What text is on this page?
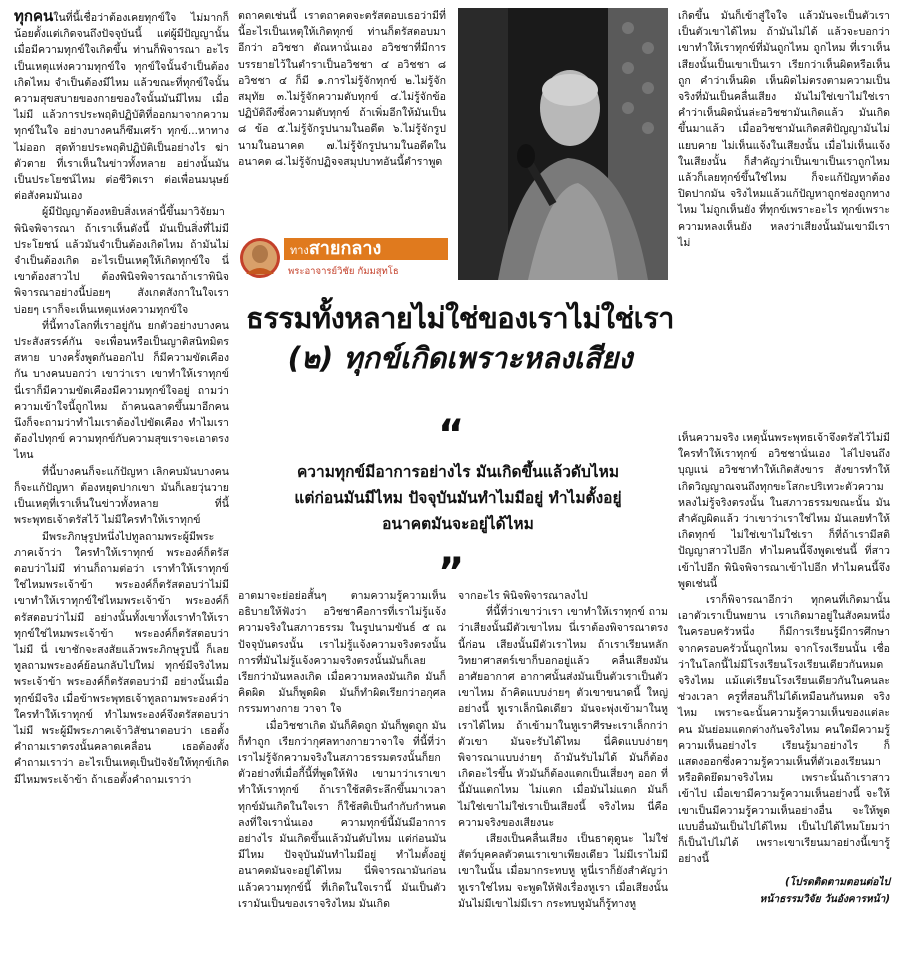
ทุกคนในที่นี้เชื่อว่าต้องเคยทุกข์ใจ ไม่มากก็น้อยตั้งแต่เกิดจนถึงปัจจุบันนี้ แต่ผู้มีปัญญานั้นเมื่อมีความทุกข์ใจเกิดขึ้น ท่านก็พิจารณา อะไรเป็นเหตุแห่งความทุกข์ใจ ทุกข์ใจนั้นจำเป็นต้องเกิดไหม จำเป็นต้องมีไหม แล้วขณะที่ทุกข์ใจนั้น ความสุขสบายของกายของใจนั้นมันมีไหม เมื่อไม่มี แล้วการประพฤติปฏิบัติที่ออกมาจากความทุกข์ในใจ อย่างบางคนก็ซึมเศร้า ทุกข์...หาทางไม่ออก สุดท้ายประพฤติปฏิบัติเป็นอย่างไร ฆ่าตัวตาย ที่เราเห็นในข่าวทั้งหลาย อย่างนั้นมันเป็นประโยชน์ไหม ต่อชีวิตเรา ต่อเพื่อนมนุษย์ ต่อสังคมมันเอง

ผู้มีปัญญาต้องหยิบสิ่งเหล่านี้ขึ้นมาวิจัยมาพินิจพิจารณา ถ้าเราเห็นดังนี้ มันเป็นสิ่งที่ไม่มีประโยชน์ แล้วมันจำเป็นต้องเกิดไหม ถ้ามันไม่จำเป็นต้องเกิด อะไรเป็นเหตุให้เกิดทุกข์ใจ นี่เขาต้องสาวไป ต้องพินิจพิจารณาถ้าเราพินิจพิจารณาอย่างนี้บ่อยๆ สังเกตสังกาในใจเราบ่อยๆ เราก็จะเห็นเหตุแห่งความทุกข์ใจ

ที่นี้ทางโลกที่เราอยู่กัน ยกตัวอย่างบางคนประสังสรรค์กัน จะเพื่อนหรือเป็นญาติสนิทมิตรสหาย บางครั้งพูดกันออกไป ก็มีความขัดเคืองกัน บางคนบอกว่า เขาว่าเรา เขาทำให้เราทุกข์ นี่เราก็มีความขัดเคืองมีความทุกข์ใจอยู่ ถามว่าความเข้าใจนี้ถูกไหม ถ้าคนฉลาดขึ้นมาอีกคนนึงก็จะถามว่าทำไมเราต้องไปขัดเคือง ทำไมเราต้องไปทุกข์ ความทุกข์กับความสุขเราจะเอาตรงไหน

ที่นี้บางคนก็จะแก้ปัญหา เลิกคบมันบางคนก็จะแก้ปัญหา ต้องหยุดปากเขา มันก็เลยวุ่นวาย เป็นเหตุที่เราเห็นในข่าวทั้งหลาย ที่นี้พระพุทธเจ้าตรัสไว้ ไม่มีใครทำให้เราทุกข์

มีพระภิกษุรูปหนึ่งไปทูลถามพระผู้มีพระภาคเจ้าว่า ใครทำให้เราทุกข์ พระองค์ก็ตรัสตอบว่าไม่มี ท่านก็ถามต่อว่า เราทำให้เราทุกข์ใช่ไหมพระเจ้าข้า พระองค์ก็ตรัสตอบว่าไม่มี เขาทำให้เราทุกข์ใช่ไหมพระเจ้าข้า พระองค์ก็ตรัสตอบว่าไม่มี อย่างนั้นทั้งเขาทั้งเราทำให้เราทุกข์ใช่ไหมพระเจ้าข้า พระองค์ก็ตรัสตอบว่าไม่มี นี่ เขาชักจะสงสัยแล้วพระภิกษุรูปนี้ ก็เลยทูลถามพระองค์ย้อนกลับไปใหม่ ทุกข์มีจริงไหมพระเจ้าข้า พระองค์ก็ตรัสตอบว่ามี อย่างนั้นเมื่อทุกข์มีจริง เมื่อข้าพระพุทธเจ้าทูลถามพระองค์ว่า ใครทำให้เราทุกข์ ทำไมพระองค์จึงตรัสตอบว่าไม่มี พระผู้มีพระภาคเจ้าวิสัชนาตอบว่า เธอตั้งคำถามเราตรงนั้นคลาดเคลื่อน เธอต้องตั้งคำถามเราว่า อะไรเป็นเหตุเป็นปัจจัยให้ทุกข์เกิด มีไหมพระเจ้าข้า ถ้าเธอตั้งคำถามเราว่า

ตถาคตเช่นนี้ เราตถาคตจะตรัสตอบเธอว่ามีที่นี้อะไรเป็นเหตุให้เกิดทุกข์ ท่านก็ตรัสตอบมาอีกว่า อวิชชา ตัณหานั่นเอง อวิชชาที่มีการบรรยายไว้ในตำราเป็นอวิชชา ๔ อวิชชา ๘ อวิชชา ๔ ก็มี ๑.การไม่รู้จักทุกข์ ๒.ไม่รู้จักสมุทัย ๓.ไม่รู้จักความดับทุกข์ ๔.ไม่รู้จักข้อปฏิบัติถึงซึ่งความดับทุกข์ ถ้าเพิ่มอีกให้มันเป็น ๘ ข้อ ๕.ไม่รู้จักรูปนามในอดีต ๖.ไม่รู้จักรูปนามในอนาคต ๗.ไม่รู้จักรูปนามในอดีตในอนาคต ๘.ไม่รู้จักปฏิจจสมุปบาทอันนี้ตำราพูด

ทางสายกลาง
พระอาจารย์วิชัย กัมมสุทโธ
ธรรมทั้งหลายไม่ใช่ของเราไม่ใช่เรา
(๒) ทุกข์เกิดเพราะหลงเสียง
“
ความทุกข์มีอาการอย่างไร มันเกิดขึ้นแล้วดับไหม
แต่ก่อนมันมีไหม ปัจจุบันมันทำไมมีอยู่ ทำไมตั้งอยู่
อนาคตมันจะอยู่ได้ไหม
”

เกิดขึ้น มันก็เข้าสู่ใจใจ แล้วมันจะเป็นตัวเราเป็นตัวเขาได้ไหม ถ้ามันไม่ได้ แล้วจะบอกว่าเขาทำให้เราทุกข์ที่มันถูกไหม ถูกไหม ที่เราเห็นเสียงนั้นเป็นเขาเป็นเรา เรียกว่าเห็นผิดหรือเห็นถูก คำว่าเห็นผิด เห็นผิดไม่ตรงตามความเป็นจริงที่มันเป็นคลื่นเสียง มันไม่ใช่เขาไม่ใช่เรา คำว่าเห็นผิดนั่นล่ะอวิชชามันเกิดแล้ว มันเกิดขึ้นมาแล้ว เมื่ออวิชชามันเกิดสติปัญญามันไม่แยบคาย ไม่เห็นแจ้งในเสียงนั้น เมื่อไม่เห็นแจ้งในเสียงนั้น ก็สำคัญว่าเป็นเขาเป็นเราถูกไหม แล้วก็เลยทุกข์ขึ้นใช่ไหม ก็จะแก้ปัญหาต้องปิดปากมัน จริงไหมแล้วแก้ปัญหาถูกช่องถูกทางไหม ไม่ถูกเห็นยัง ที่ทุกข์เพราะอะไร ทุกข์เพราะความหลงเห็นยัง หลงว่าเสียงนั้นมันเขามีเรา ไม่

เห็นความจริง เหตุนั้นพระพุทธเจ้าจึงตรัสไว้ไม่มีใครทำให้เราทุกข์ อวิชชานั่นเอง ไล่ไปจนถึงบุญแน่ อวิชชาทำให้เกิดสังขาร สังขารทำให้เกิดวิญญาณจนถึงทุกขะโสกะปริเทวะตัวความหลงไม่รู้จริงตรงนั้น ในสภาวธรรมขณะนั้น มันสำคัญผิดแล้ว ว่าเขาว่าเราใช่ไหม มันเลยทำให้เกิดทุกข์ ไม่ใช่เขาไม่ใช่เรา ก็ที่ถ้าเรามีสติปัญญาสาวไปอีก ทำไมคนนี้จึงพูดเช่นนี้ ที่สาวเข้าไปอีก พินิจพิจารณาเข้าไปอีก ทำไมคนนี้จึงพูดเช่นนี้

เราก็พิจารณาอีกว่า ทุกคนที่เกิดมานั้น เอาตัวเราเป็นพยาน เราเกิดมาอยู่ในสังคมหนึ่งในครอบครัวหนึ่ง ก็มีการเรียนรู้มีการศึกษา จากครอบครัวนั้นถูกไหม จากโรงเรียนนั้น เชื่อว่าในโลกนี้ไม่มีโรงเรียนโรงเรียนเดียวกันหมด จริงไหม แม้แต่เรียนโรงเรียนเดียวกันในคนละช่วงเวลา ครูที่สอนก็ไม่ได้เหมือนกันหมด จริงไหม เพราะฉะนั้นความรู้ความเห็นของแต่ละคน มันย่อมแตกต่างกันจริงไหม คนใดมีความรู้ความเห็นอย่างไร เรียนรู้มาอย่างไร ก็แสดงออกซึ่งความรู้ความเห็นที่ตัวเองเรียนมา หรือติดยึดมาจริงไหม เพราะนั้นถ้าเราสาวเข้าไป เมื่อเขามีความรู้ความเห็นอย่างนี้ จะให้เขาเป็นมีความรู้ความเห็นอย่างอื่น จะให้พูดแบบอื่นมันเป็นไปได้ไหม เป็นไปได้ไหมโยมว่า ก็เป็นไปไม่ได้ เพราะเขาเรียนมาอย่างนี้เขารู้อย่างนี้

(โปรดติดตามตอนต่อไป
หน้าธรรมวิจัย วันอังคารหน้า)

อาตมาจะย่อย่อสั้นๆ ตามความรู้ความเห็นอธิบายให้ฟังว่า อวิชชาคือการที่เราไม่รู้แจ้งความจริงในสภาวธรรม ในรูปนามขันธ์ ๕ ณ ปัจจุบันตรงนั้น เราไม่รู้แจ้งความจริงตรงนั้น การที่มันไม่รู้แจ้งความจริงตรงนั้นมันก็เลยเรียกว่ามันหลงเกิด เมื่อความหลงมันเกิด มันก็คิดผิด มันก็พูดผิด มันก็ทำผิดเรียกว่าอกุศลกรรมทางกาย วาจา ใจ

เมื่อวิชชาเกิด มันก็คิดถูก มันก็พูดถูก มันก็ทำถูก เรียกว่ากุศลทางกายวาจาใจ ที่นี้ที่ว่าเราไม่รู้จักความจริงในสภาวธรรมตรงนั้นก็ยกตัวอย่างที่เมื่อกี้นี้ที่พูดให้ฟัง เขามาว่าเราเขาทำให้เราทุกข์ ถ้าเราใช้สติระลึกขึ้นมาเวลาทุกข์มันเกิดในใจเรา ก็ใช้สติเป็นกำกับกำหนดลงที่ใจเรานั่นเอง ความทุกข์นี้มันมีอาการอย่างไร มันเกิดขึ้นแล้วมันดับไหม แต่ก่อนมันมีไหม ปัจจุบันมันทำไมมีอยู่ ทำไมตั้งอยู่ อนาคตมันจะอยู่ได้ไหม นี่พิจารณามันก่อน แล้วความทุกข์นี้ ที่เกิดในใจเรานี้ มันเป็นตัวเรามันเป็นของเราจริงไหม มันเกิด

จากอะไร พินิจพิจารณาลงไป

ที่นี้ที่ว่าเขาว่าเรา เขาทำให้เราทุกข์ ถามว่าเสียงนั้นมีตัวเขาไหม นี่เราต้องพิจารณาตรงนี้ก่อน เสียงนั้นมีตัวเราไหม ถ้าเราเรียนหลักวิทยาศาสตร์เขาก็บอกอยู่แล้ว คลื่นเสียงมันอาศัยอากาศ อากาศนั้นส่งมันเป็นตัวเราเป็นตัวเขาไหม ถ้าคิดแบบง่ายๆ ตัวเขาขนาดนี้ ใหญ่อย่างนี้ หูเราเล็กนิดเดียว มันจะพุ่งเข้ามาในหูเราได้ไหม ถ้าเข้ามาในหูเราศีรษะเราเล็กกว่าตัวเขา มันจะรับได้ไหม นี่คิดแบบง่ายๆ พิจารณาแบบง่ายๆ ถ้ามันรับไม่ได้ มันก็ต้องเกิดอะไรขึ้น หัวมันก็ต้องแตกเป็นเสี่ยงๆ ออก ที่นี้มันแตกไหม ไม่แตก เมื่อมันไม่แตก มันก็ไม่ใช่เขาไม่ใช่เราเป็นเสียงนี้ จริงไหม นี่คือความจริงของเสียงนะ

เสียงเป็นคลื่นเสียง เป็นธาตุดูนะ ไม่ใช่สัตว์บุคคลตัวตนเราเขาเพียงเดียว ไม่มีเราไม่มีเขาในนั้น เมื่อมากระทบหู หูนี่เราก็ยังสำคัญว่าหูเราใช่ไหม จะพูดให้ฟังเรื่องหูเรา เมื่อเสียงนั้นมันไม่มีเขาไม่มีเรา กระทบหูมันก็รู้ทางหู
